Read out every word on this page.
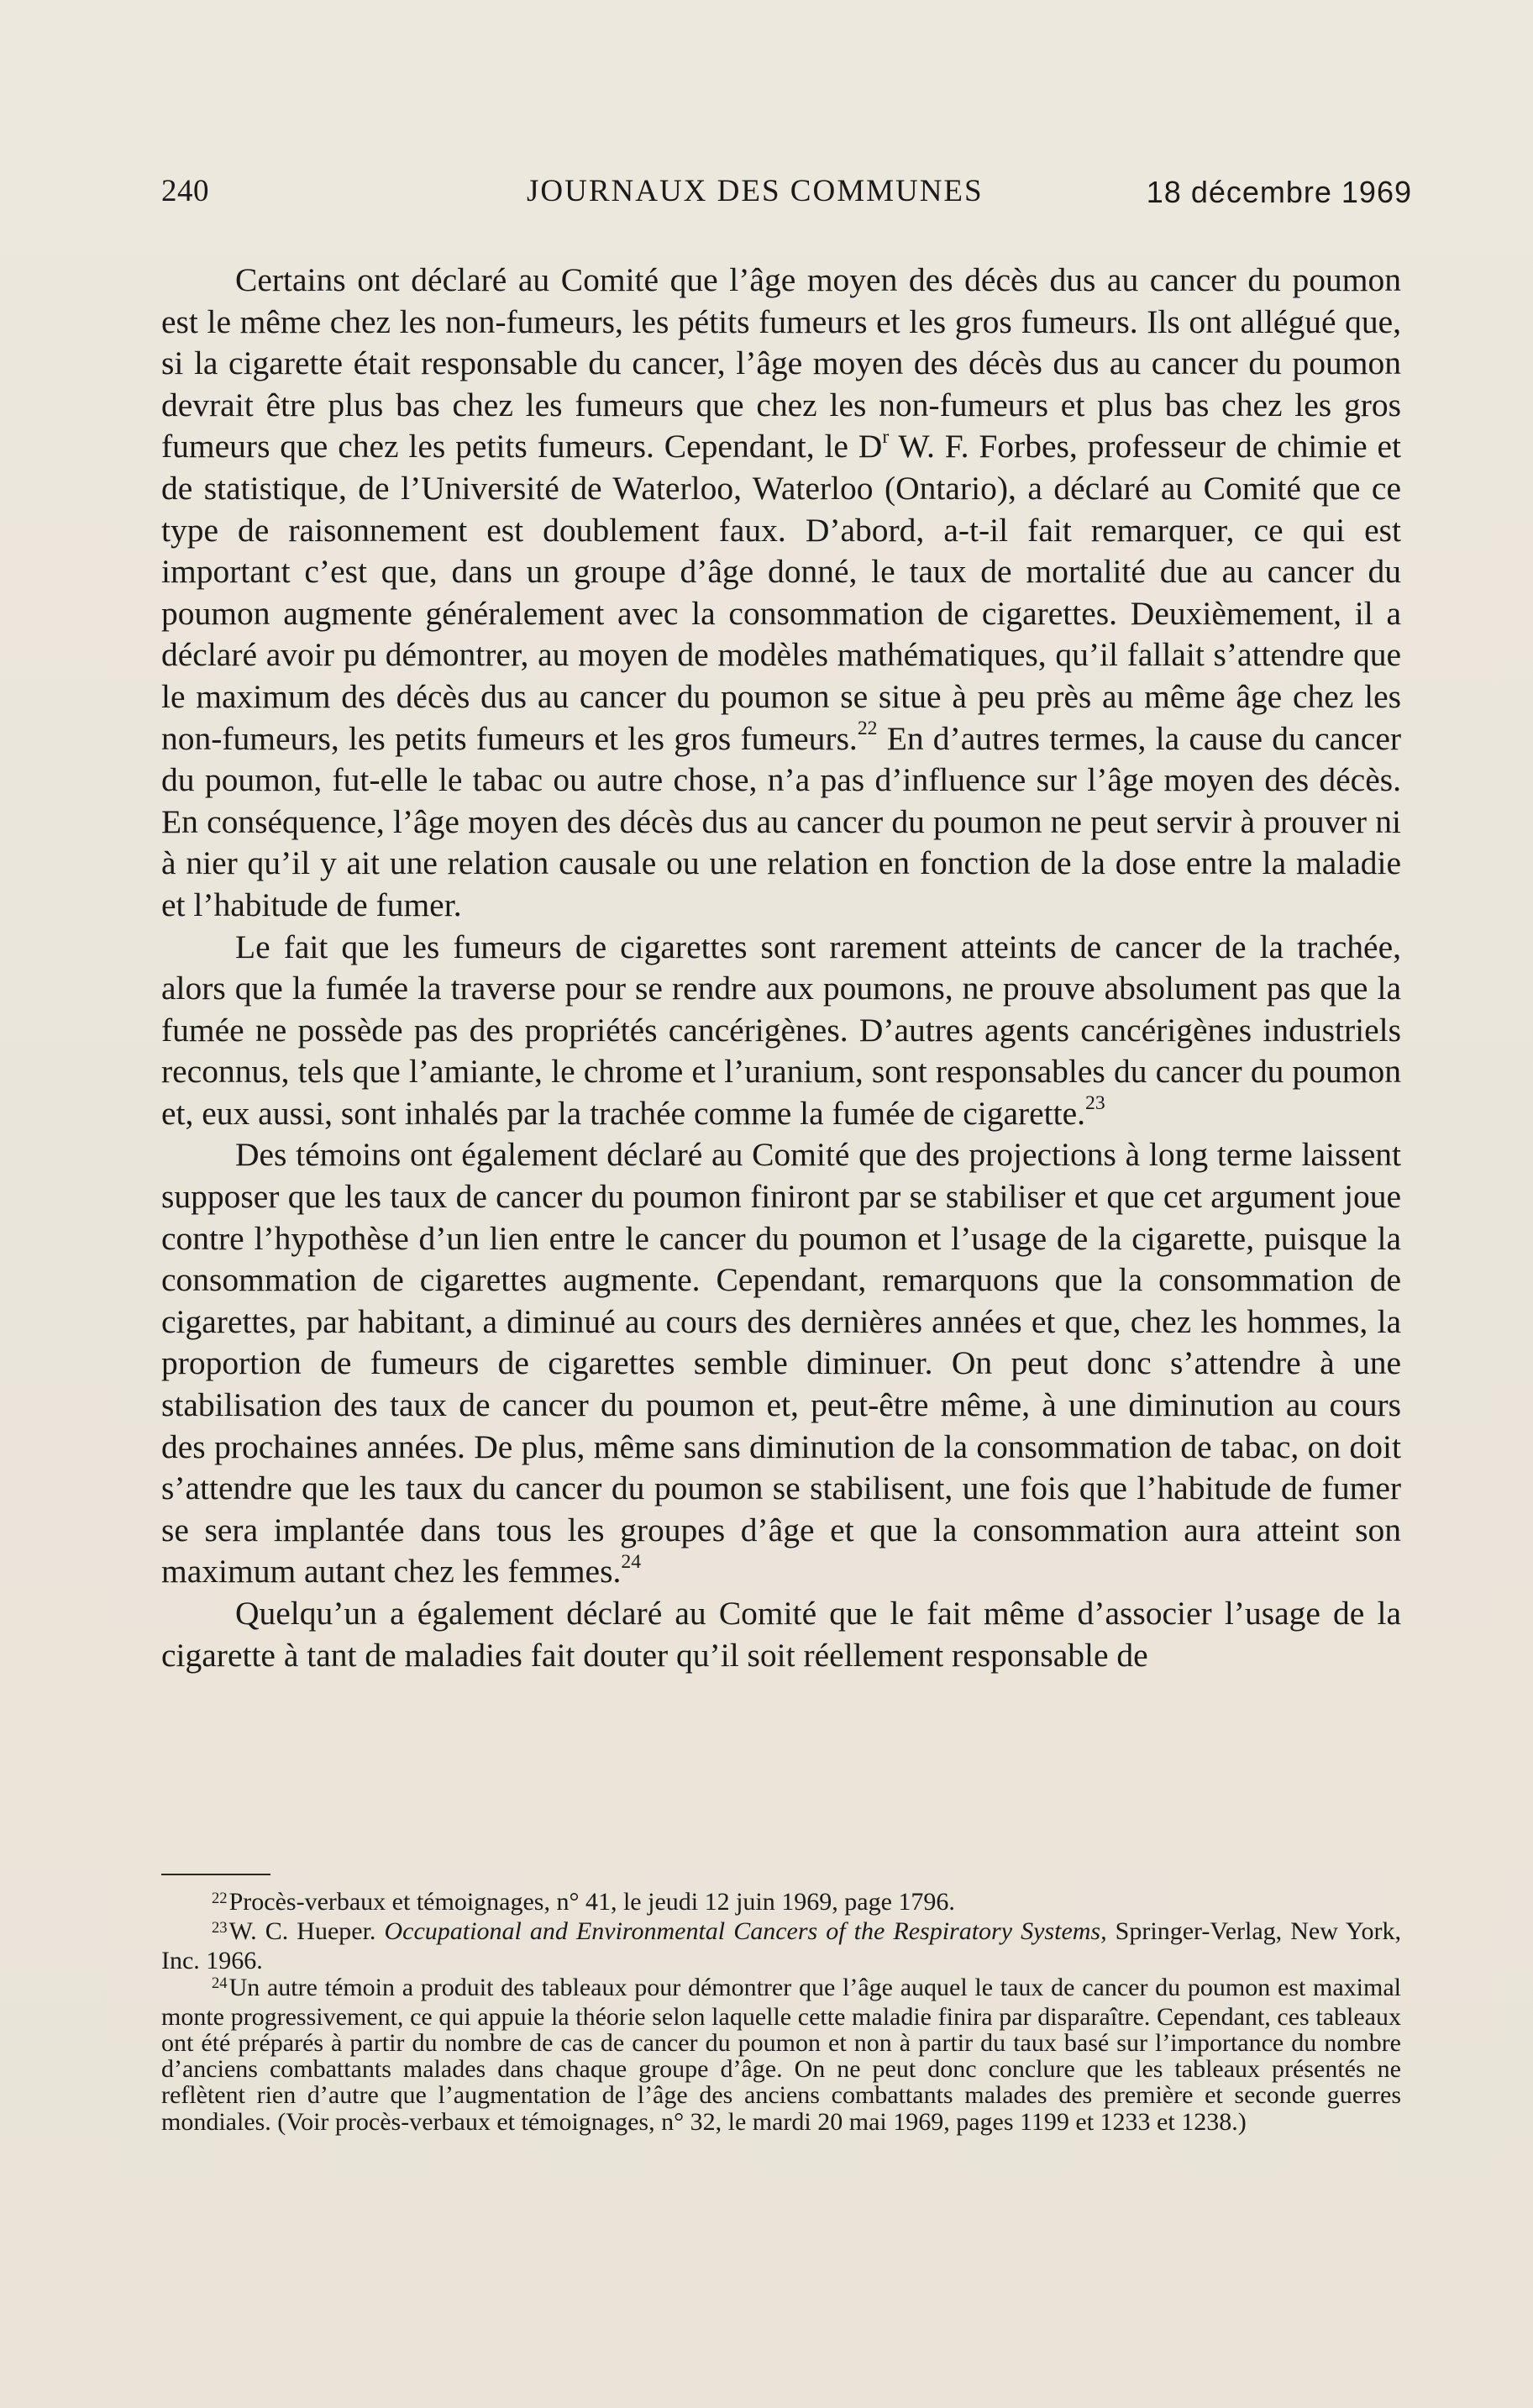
240	JOURNAUX DES COMMUNES	18 décembre 1969

Certains ont déclaré au Comité que l’âge moyen des décès dus au cancer du poumon est le même chez les non-fumeurs, les pétits fumeurs et les gros fumeurs. Ils ont allégué que, si la cigarette était responsable du cancer, l’âge moyen des décès dus au cancer du poumon devrait être plus bas chez les fumeurs que chez les non-fumeurs et plus bas chez les gros fumeurs que chez les petits fumeurs. Cependant, le $D^r$ W. F. Forbes, professeur de chimie et de statistique, de l’Université de Waterloo, Waterloo (Ontario), a déclaré au Comité que ce type de raisonnement est doublement faux. D’abord, a-t-il fait remarquer, ce qui est important c’est que, dans un groupe d’âge donné, le taux de mortalité due au cancer du poumon augmente généralement avec la consommation de cigarettes. Deuxièmement, il a déclaré avoir pu démontrer, au moyen de modèles mathématiques, qu’il fallait s’attendre que le maximum des décès dus au cancer du poumon se situe à peu près au même âge chez les non-fumeurs, les petits fumeurs et les gros fumeurs.$^{22}$ En d’autres termes, la cause du cancer du poumon, fut-elle le tabac ou autre chose, n’a pas d’influence sur l’âge moyen des décès. En conséquence, l’âge moyen des décès dus au cancer du poumon ne peut servir à prouver ni à nier qu’il y ait une relation causale ou une relation en fonction de la dose entre la maladie et l’habitude de fumer.

Le fait que les fumeurs de cigarettes sont rarement atteints de cancer de la trachée, alors que la fumée la traverse pour se rendre aux poumons, ne prouve absolument pas que la fumée ne possède pas des propriétés cancérigènes. D’autres agents cancérigènes industriels reconnus, tels que l’amiante, le chrome et l’uranium, sont responsables du cancer du poumon et, eux aussi, sont inhalés par la trachée comme la fumée de cigarette.$^{23}$

Des témoins ont également déclaré au Comité que des projections à long terme laissent supposer que les taux de cancer du poumon finiront par se stabiliser et que cet argument joue contre l’hypothèse d’un lien entre le cancer du poumon et l’usage de la cigarette, puisque la consommation de cigarettes augmente. Cependant, remarquons que la consommation de cigarettes, par habitant, a diminué au cours des dernières années et que, chez les hommes, la proportion de fumeurs de cigarettes semble diminuer. On peut donc s’attendre à une stabilisation des taux de cancer du poumon et, peut-être même, à une diminution au cours des prochaines années. De plus, même sans diminution de la consommation de tabac, on doit s’attendre que les taux du cancer du poumon se stabilisent, une fois que l’habitude de fumer se sera implantée dans tous les groupes d’âge et que la consommation aura atteint son maximum autant chez les femmes.$^{24}$

Quelqu’un a également déclaré au Comité que le fait même d’associer l’usage de la cigarette à tant de maladies fait douter qu’il soit réellement responsable de

$^{22}$Procès-verbaux et témoignages, n° 41, le jeudi 12 juin 1969, page 1796.

$^{23}$W. C. Hueper. Occupational and Environmental Cancers of the Respiratory Systems, Springer-Verlag, New York, Inc. 1966.

$^{24}$Un autre témoin a produit des tableaux pour démontrer que l’âge auquel le taux de cancer du poumon est maximal monte progressivement, ce qui appuie la théorie selon laquelle cette maladie finira par disparaître. Cependant, ces tableaux ont été préparés à partir du nombre de cas de cancer du poumon et non à partir du taux basé sur l’importance du nombre d’anciens combattants malades dans chaque groupe d’âge. On ne peut donc conclure que les tableaux présentés ne reflètent rien d’autre que l’augmentation de l’âge des anciens combattants malades des première et seconde guerres mondiales. (Voir procès-verbaux et témoignages, n° 32, le mardi 20 mai 1969, pages 1199 et 1233 et 1238.)
